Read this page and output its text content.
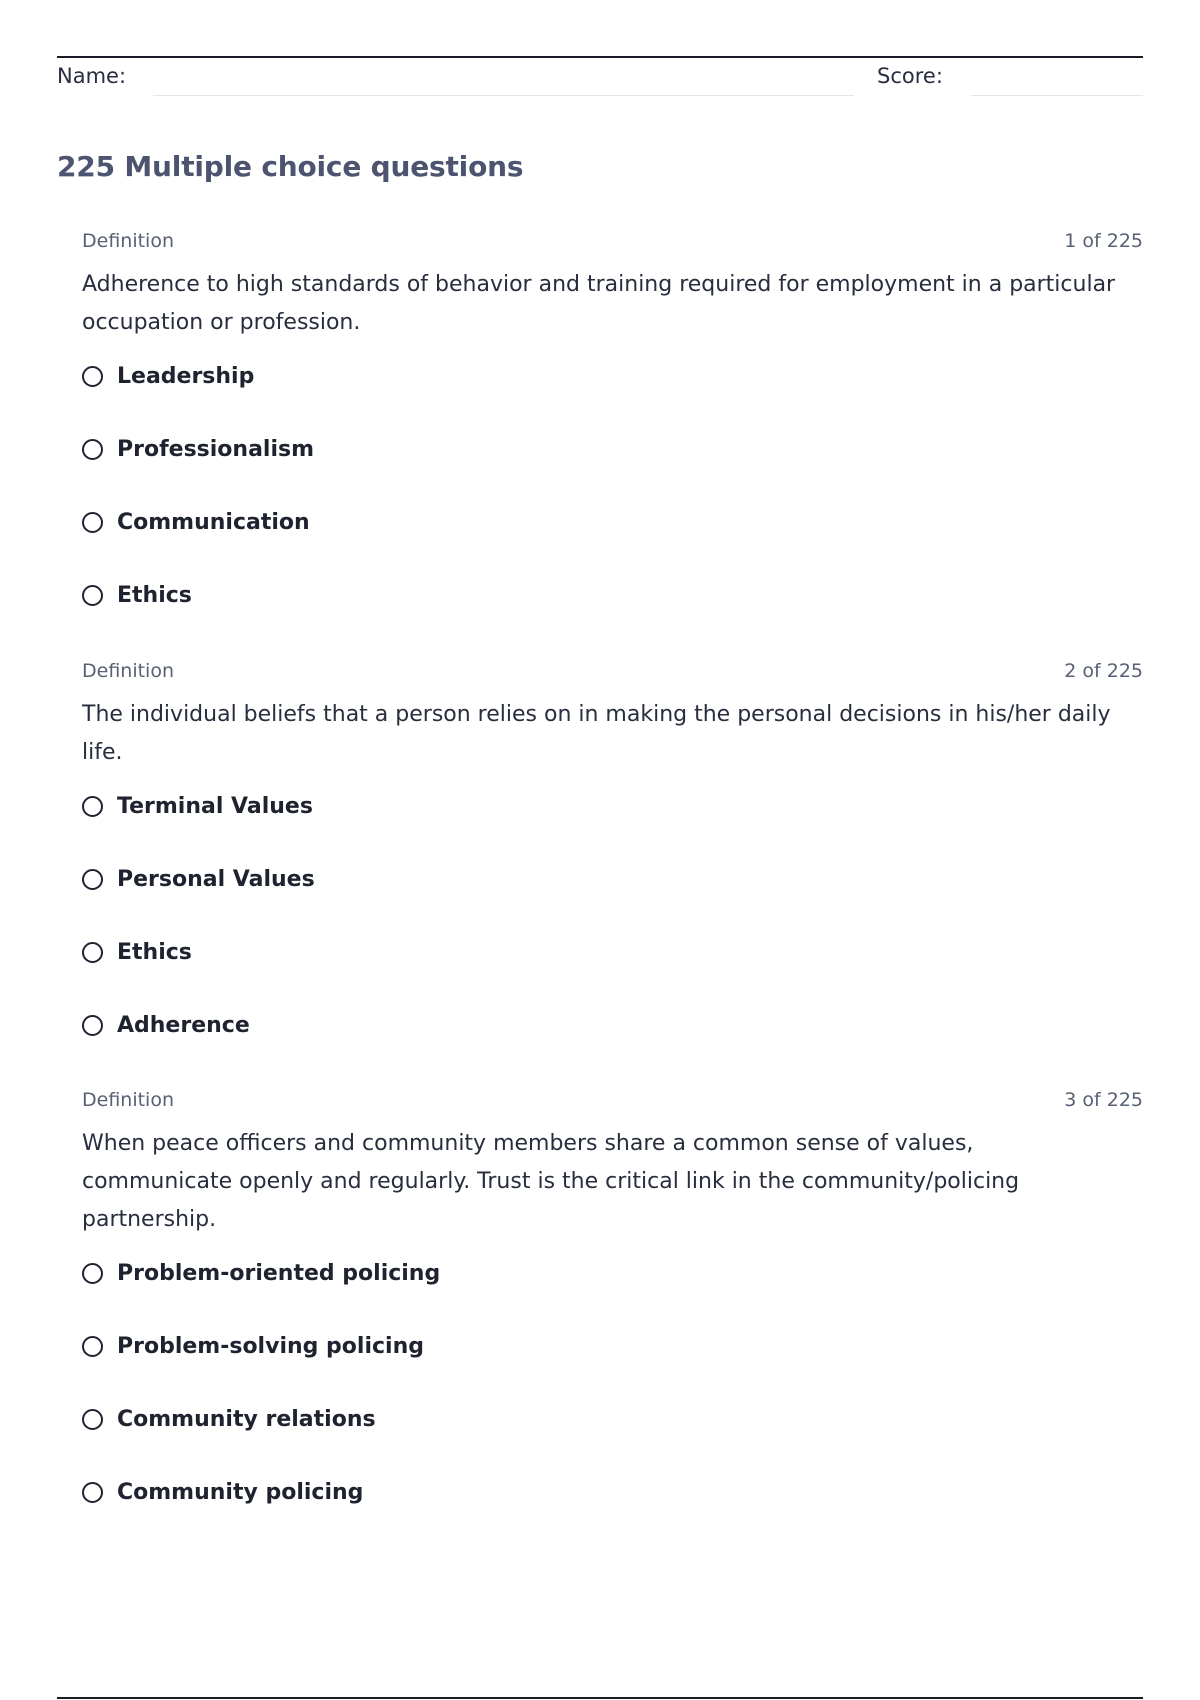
Name:	Score:
225 Multiple choice questions
Definition	1 of 225
Adherence to high standards of behavior and training required for employment in a particular occupation or profession.
Leadership
Professionalism
Communication
Ethics
Definition	2 of 225
The individual beliefs that a person relies on in making the personal decisions in his/her daily life.
Terminal Values
Personal Values
Ethics
Adherence
Definition	3 of 225
When peace officers and community members share a common sense of values, communicate openly and regularly. Trust is the critical link in the community/policing partnership.
Problem-oriented policing
Problem-solving policing
Community relations
Community policing
